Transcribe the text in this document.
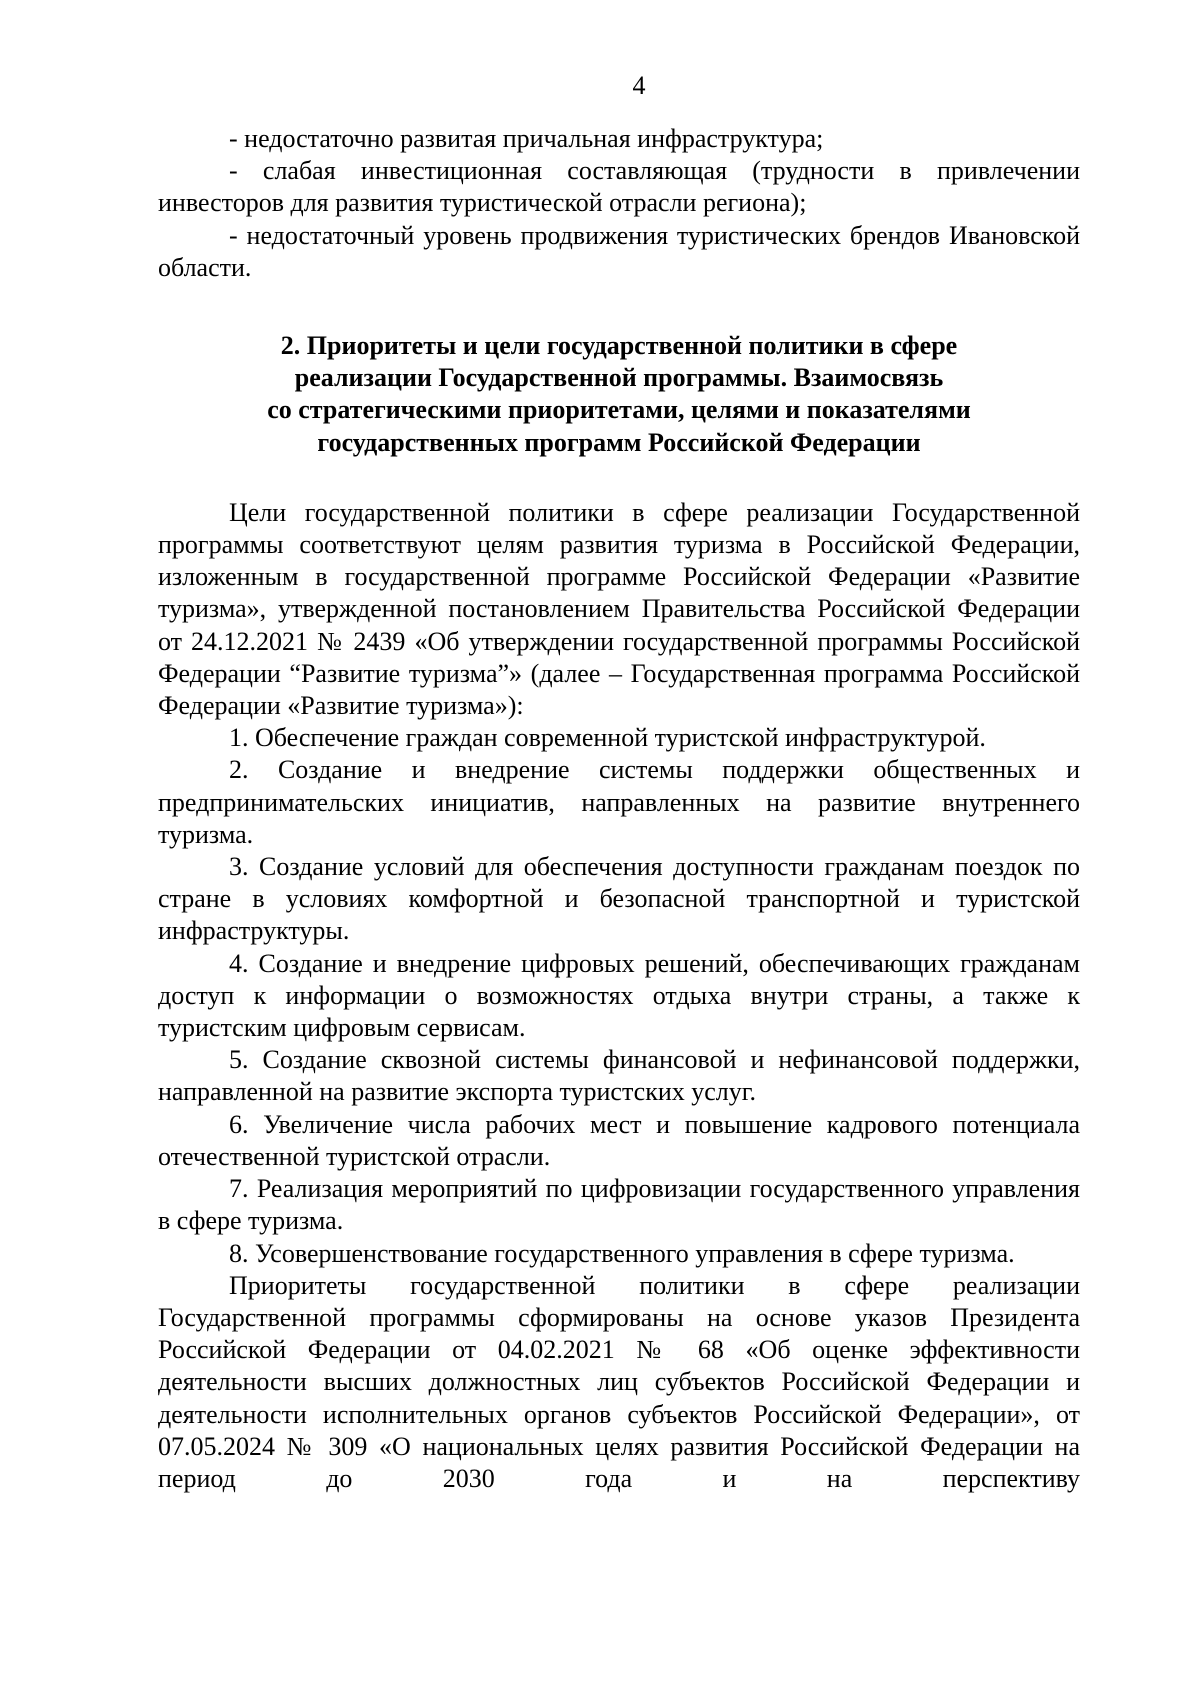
4

- недостаточно развитая причальная инфраструктура;

- слабая инвестиционная составляющая (трудности в привлечении инвесторов для развития туристической отрасли региона);

- недостаточный уровень продвижения туристических брендов Ивановской области.

2. Приоритеты и цели государственной политики в сфере
реализации Государственной программы. Взаимосвязь
со стратегическими приоритетами, целями и показателями
государственных программ Российской Федерации

Цели государственной политики в сфере реализации Государственной программы соответствуют целям развития туризма в Российской Федерации, изложенным в государственной программе Российской Федерации «Развитие туризма», утвержденной постановлением Правительства Российской Федерации от 24.12.2021 № 2439 «Об утверждении государственной программы Российской Федерации “Развитие туризма”» (далее – Государственная программа Российской Федерации «Развитие туризма»):

1. Обеспечение граждан современной туристской инфраструктурой.

2. Создание и внедрение системы поддержки общественных и предпринимательских инициатив, направленных на развитие внутреннего туризма.

3. Создание условий для обеспечения доступности гражданам поездок по стране в условиях комфортной и безопасной транспортной и туристской инфраструктуры.

4. Создание и внедрение цифровых решений, обеспечивающих гражданам доступ к информации о возможностях отдыха внутри страны, а также к туристским цифровым сервисам.

5. Создание сквозной системы финансовой и нефинансовой поддержки, направленной на развитие экспорта туристских услуг.

6. Увеличение числа рабочих мест и повышение кадрового потенциала отечественной туристской отрасли.

7. Реализация мероприятий по цифровизации государственного управления в сфере туризма.

8. Усовершенствование государственного управления в сфере туризма.

Приоритеты государственной политики в сфере реализации Государственной программы сформированы на основе указов Президента Российской Федерации от 04.02.2021 № 68 «Об оценке эффективности деятельности высших должностных лиц субъектов Российской Федерации и деятельности исполнительных органов субъектов Российской Федерации», от 07.05.2024 № 309 «О национальных целях развития Российской Федерации на период до 2030 года и на перспективу
